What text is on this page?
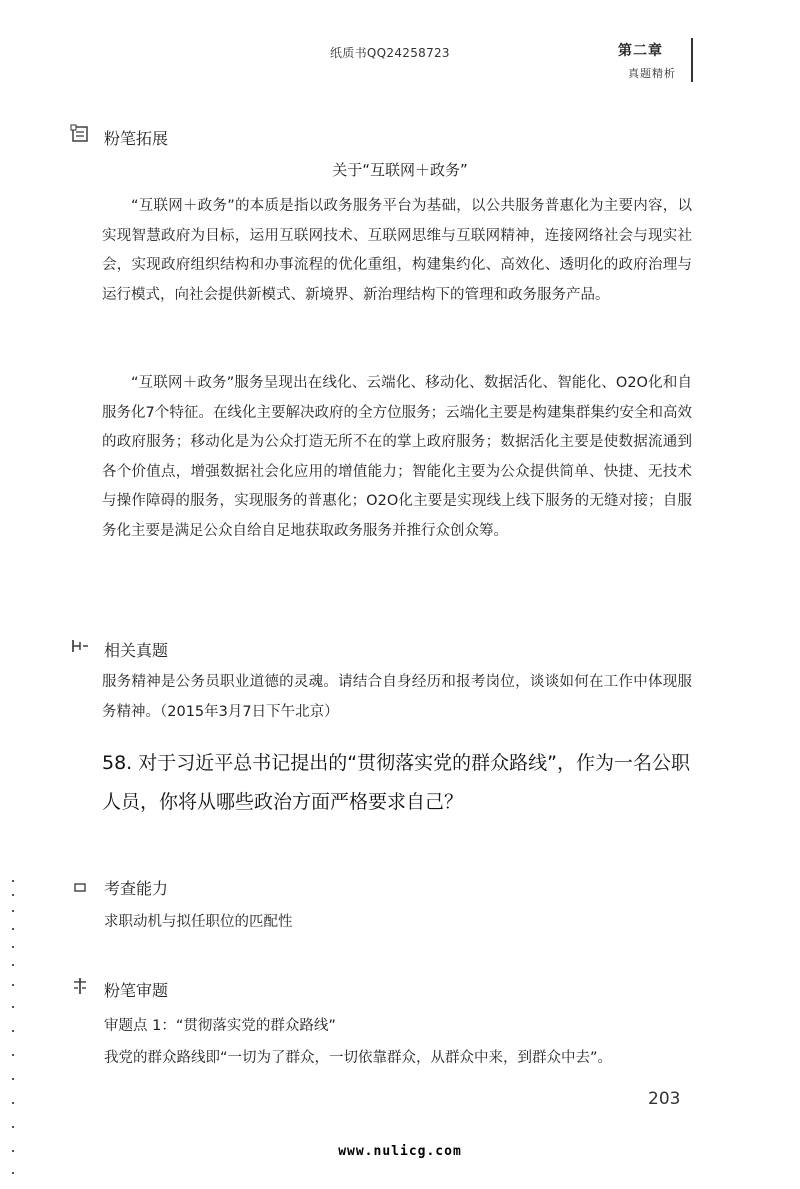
纸质书QQ24258723	第二章
真题精析
粉笔拓展
关于“互联网＋政务”

“互联网＋政务”的本质是指以政务服务平台为基础，以公共服务普惠化为主要内容，以实现智慧政府为目标，运用互联网技术、互联网思维与互联网精神，连接网络社会与现实社会，实现政府组织结构和办事流程的优化重组，构建集约化、高效化、透明化的政府治理与运行模式，向社会提供新模式、新境界、新治理结构下的管理和政务服务产品。

“互联网＋政务”服务呈现出在线化、云端化、移动化、数据活化、智能化、O2O化和自服务化7个特征。在线化主要解决政府的全方位服务；云端化主要是构建集群集约安全和高效的政府服务；移动化是为公众打造无所不在的掌上政府服务；数据活化主要是使数据流通到各个价值点，增强数据社会化应用的增值能力；智能化主要为公众提供简单、快捷、无技术与操作障碍的服务，实现服务的普惠化；O2O化主要是实现线上线下服务的无缝对接；自服务化主要是满足公众自给自足地获取政务服务并推行众创众筹。

相关真题

服务精神是公务员职业道德的灵魂。请结合自身经历和报考岗位，谈谈如何在工作中体现服务精神。（2015年3月7日下午北京）

58. 对于习近平总书记提出的“贯彻落实党的群众路线”，作为一名公职人员，你将从哪些政治方面严格要求自己？

考查能力
求职动机与拟任职位的匹配性
粉笔审题
审题点 1：“贯彻落实党的群众路线”
我党的群众路线即“一切为了群众，一切依靠群众，从群众中来，到群众中去”。
203
www.nulicg.com
